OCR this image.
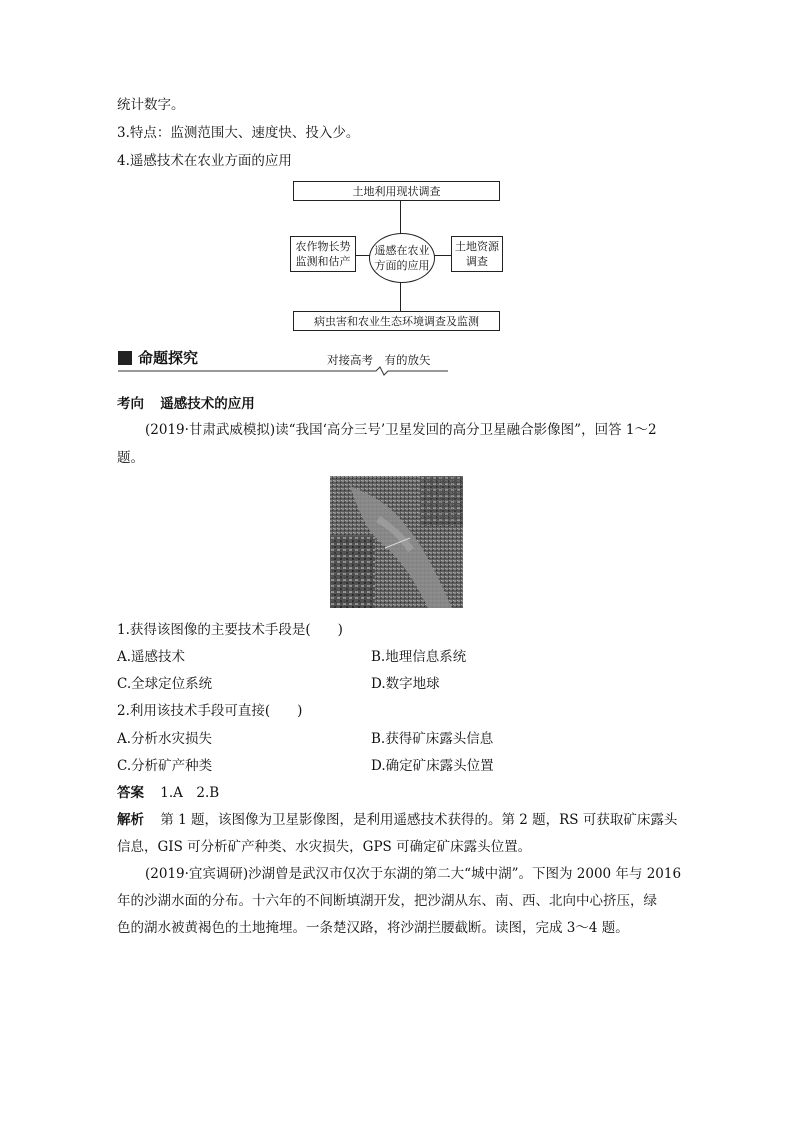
统计数字。
3.特点：监测范围大、速度快、投入少。
4.遥感技术在农业方面的应用
土地利用现状调查
农作物长势
监测和估产
遥感在农业
方面的应用
土地资源
调查
病虫害和农业生态环境调查及监测
命题探究	对接高考　有的放矢
考向 遥感技术的应用
(2019·甘肃武威模拟)读“我国‘高分三号’卫星发回的高分卫星融合影像图”，回答 1～2
题。
1.获得该图像的主要技术手段是(　　)
A.遥感技术	B.地理信息系统
C.全球定位系统	D.数字地球
2.利用该技术手段可直接(　　)
A.分析水灾损失	B.获得矿床露头信息
C.分析矿产种类	D.确定矿床露头位置
答案 1.A　2.B
解析 第 1 题，该图像为卫星影像图，是利用遥感技术获得的。第 2 题，RS 可获取矿床露头
信息，GIS 可分析矿产种类、水灾损失，GPS 可确定矿床露头位置。
(2019·宜宾调研)沙湖曾是武汉市仅次于东湖的第二大“城中湖”。下图为 2000 年与 2016
年的沙湖水面的分布。十六年的不间断填湖开发，把沙湖从东、南、西、北向中心挤压，绿
色的湖水被黄褐色的土地掩埋。一条楚汉路，将沙湖拦腰截断。读图，完成 3～4 题。
